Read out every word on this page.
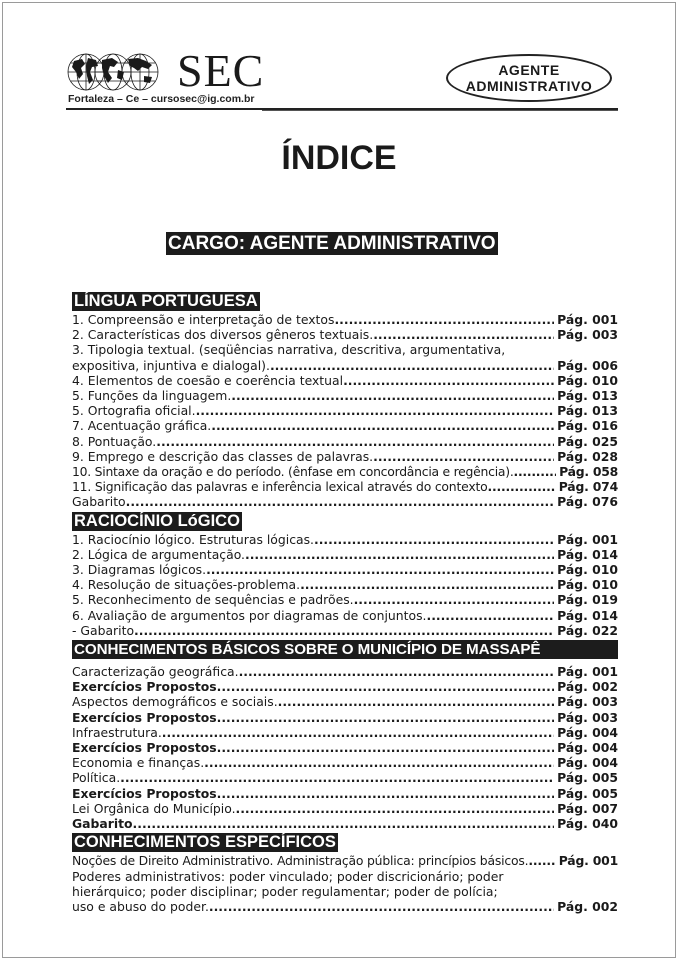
SEC
Fortaleza – Ce – cursosec@ig.com.br
AGENTE
ADMINISTRATIVO
ÍNDICE
CARGO: AGENTE ADMINISTRATIVO
LÍNGUA PORTUGUESA
1. Compreensão e interpretação de textos .....	Pág. 001
2. Características dos diversos gêneros textuais. .....	Pág. 003
3. Tipologia textual. (seqüências narrativa, descritiva, argumentativa,
expositiva, injuntiva e dialogal). .....	Pág. 006
4. Elementos de coesão e coerência textual .....	Pág. 010
5. Funções da linguagem. .....	Pág. 013
5. Ortografia oficial. .....	Pág. 013
7. Acentuação gráfica. .....	Pág. 016
8. Pontuação. .....	Pág. 025
9. Emprego e descrição das classes de palavras. .....	Pág. 028
10. Sintaxe da oração e do período. (ênfase em concordância e regência). .....	Pág. 058
11. Significação das palavras e inferência lexical através do contexto .....	Pág. 074
Gabarito .....	Pág. 076
RACIOCÍNIO LóGICO
1. Raciocínio lógico. Estruturas lógicas. .....	Pág. 001
2. Lógica de argumentação. .....	Pág. 014
3. Diagramas lógicos. .....	Pág. 010
4. Resolução de situações-problema. .....	Pág. 010
5. Reconhecimento de sequências e padrões. .....	Pág. 019
6. Avaliação de argumentos por diagramas de conjuntos. .....	Pág. 014
- Gabarito .....	Pág. 022
CONHECIMENTOS BÁSICOS SOBRE O MUNICÍPIO DE MASSAPÊ
Caracterização geográfica. .....	Pág. 001
Exercícios Propostos. .....	Pág. 002
Aspectos demográficos e sociais. .....	Pág. 003
Exercícios Propostos. .....	Pág. 003
Infraestrutura. .....	Pág. 004
Exercícios Propostos. .....	Pág. 004
Economia e finanças. .....	Pág. 004
Política. .....	Pág. 005
Exercícios Propostos .....	Pág. 005
Lei Orgânica do Município. .....	Pág. 007
Gabarito. .....	Pág. 040
CONHECIMENTOS ESPECÍFICOS
Noções de Direito Administrativo. Administração pública: princípios básicos. ..... Pág. 001
Poderes administrativos: poder vinculado; poder discricionário; poder
hierárquico; poder disciplinar; poder regulamentar; poder de polícia;
uso e abuso do poder. .....	Pág. 002
